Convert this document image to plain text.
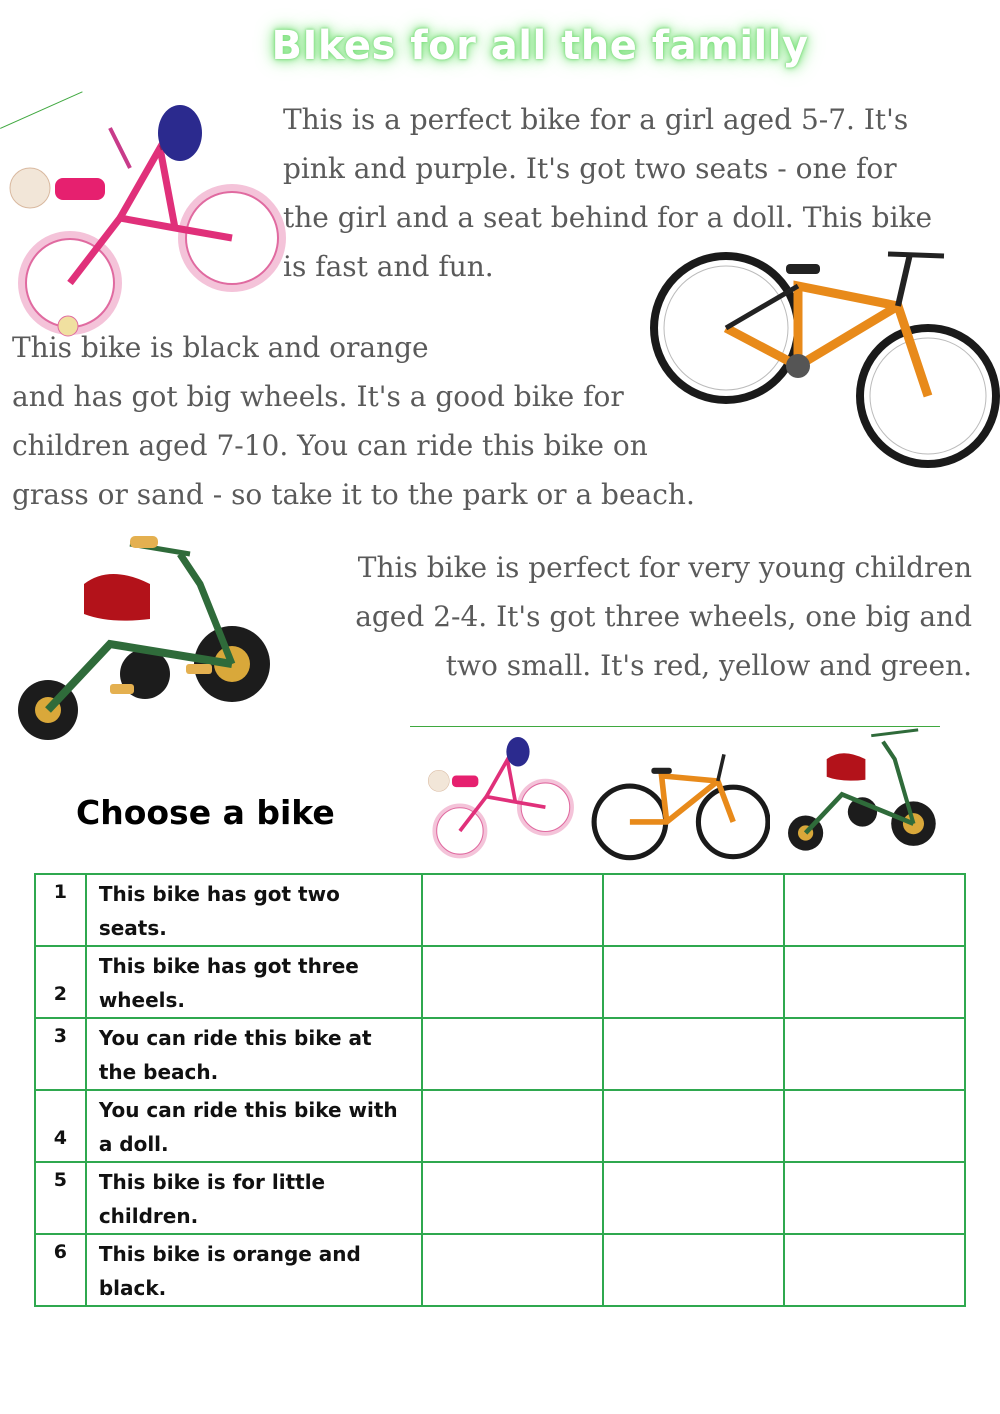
BIkes for all the familly
This is a perfect bike for a girl aged 5-7. It's
pink and purple. It's got two seats - one for
the girl and a seat behind for a doll. This bike
is fast and fun.
This bike is black and orange
and has got big wheels. It's a good bike for
children aged 7-10. You can ride this bike on
grass or sand - so take it to the park or a beach.
This bike is perfect for very young children
aged 2-4. It's got three wheels, one big and
two small. It's red, yellow and green.
Choose a bike
1	This bike has got two seats.			

2	This bike has got three wheels.			

3	You can ride this bike at the beach.			

4	You can ride this bike with a doll.			

5	This bike is for little children.			

6	This bike is orange and black.			
